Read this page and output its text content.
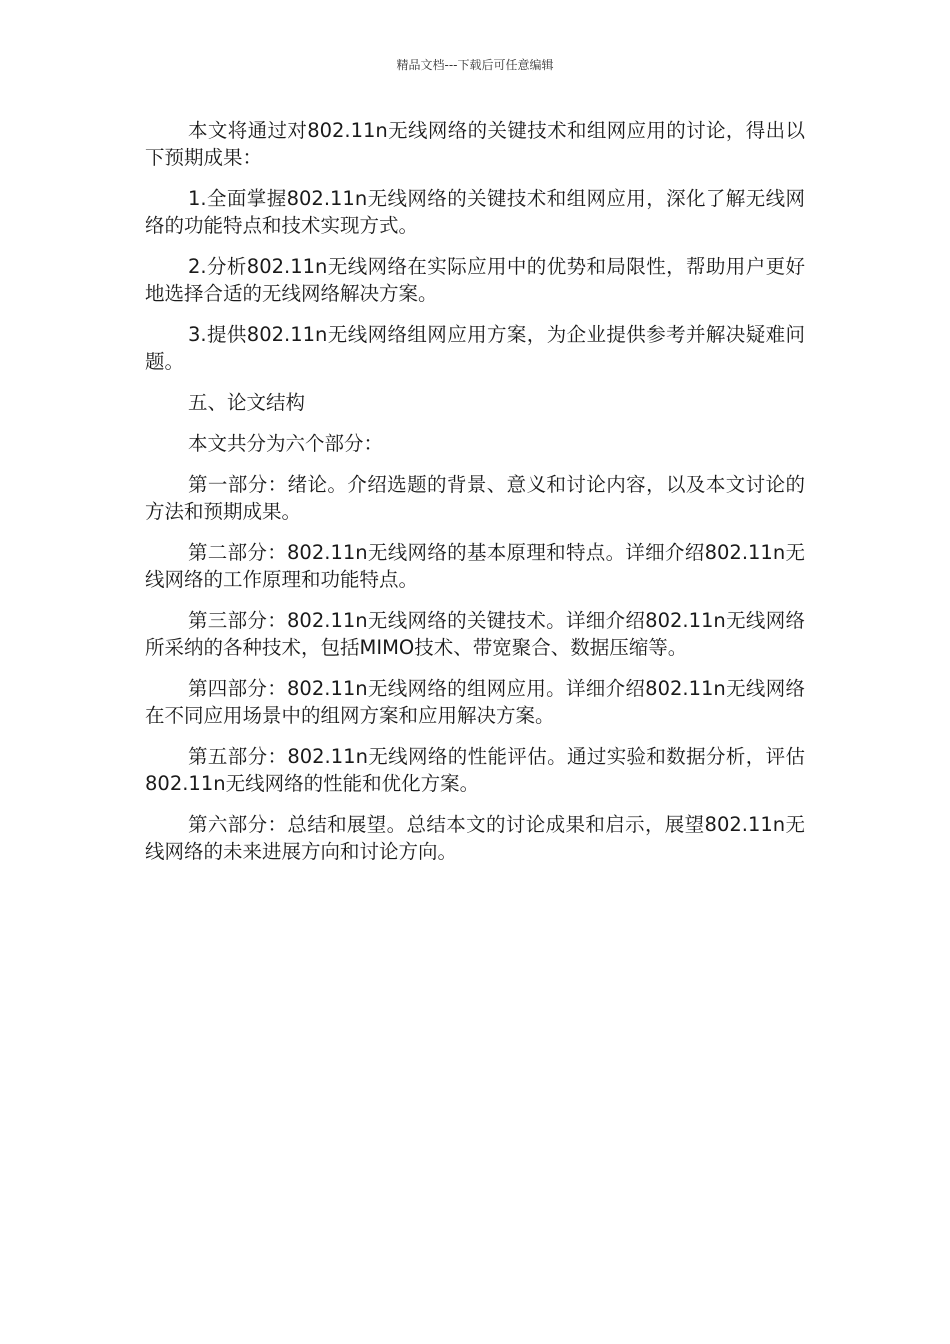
精品文档---下载后可任意编辑

本文将通过对802.11n无线网络的关键技术和组网应用的讨论，得出以下预期成果：

1.全面掌握802.11n无线网络的关键技术和组网应用，深化了解无线网络的功能特点和技术实现方式。

2.分析802.11n无线网络在实际应用中的优势和局限性，帮助用户更好地选择合适的无线网络解决方案。

3.提供802.11n无线网络组网应用方案，为企业提供参考并解决疑难问题。

五、论文结构

本文共分为六个部分：

第一部分：绪论。介绍选题的背景、意义和讨论内容，以及本文讨论的方法和预期成果。

第二部分：802.11n无线网络的基本原理和特点。详细介绍802.11n无线网络的工作原理和功能特点。

第三部分：802.11n无线网络的关键技术。详细介绍802.11n无线网络所采纳的各种技术，包括MIMO技术、带宽聚合、数据压缩等。

第四部分：802.11n无线网络的组网应用。详细介绍802.11n无线网络在不同应用场景中的组网方案和应用解决方案。

第五部分：802.11n无线网络的性能评估。通过实验和数据分析，评估802.11n无线网络的性能和优化方案。

第六部分：总结和展望。总结本文的讨论成果和启示，展望802.11n无线网络的未来进展方向和讨论方向。
